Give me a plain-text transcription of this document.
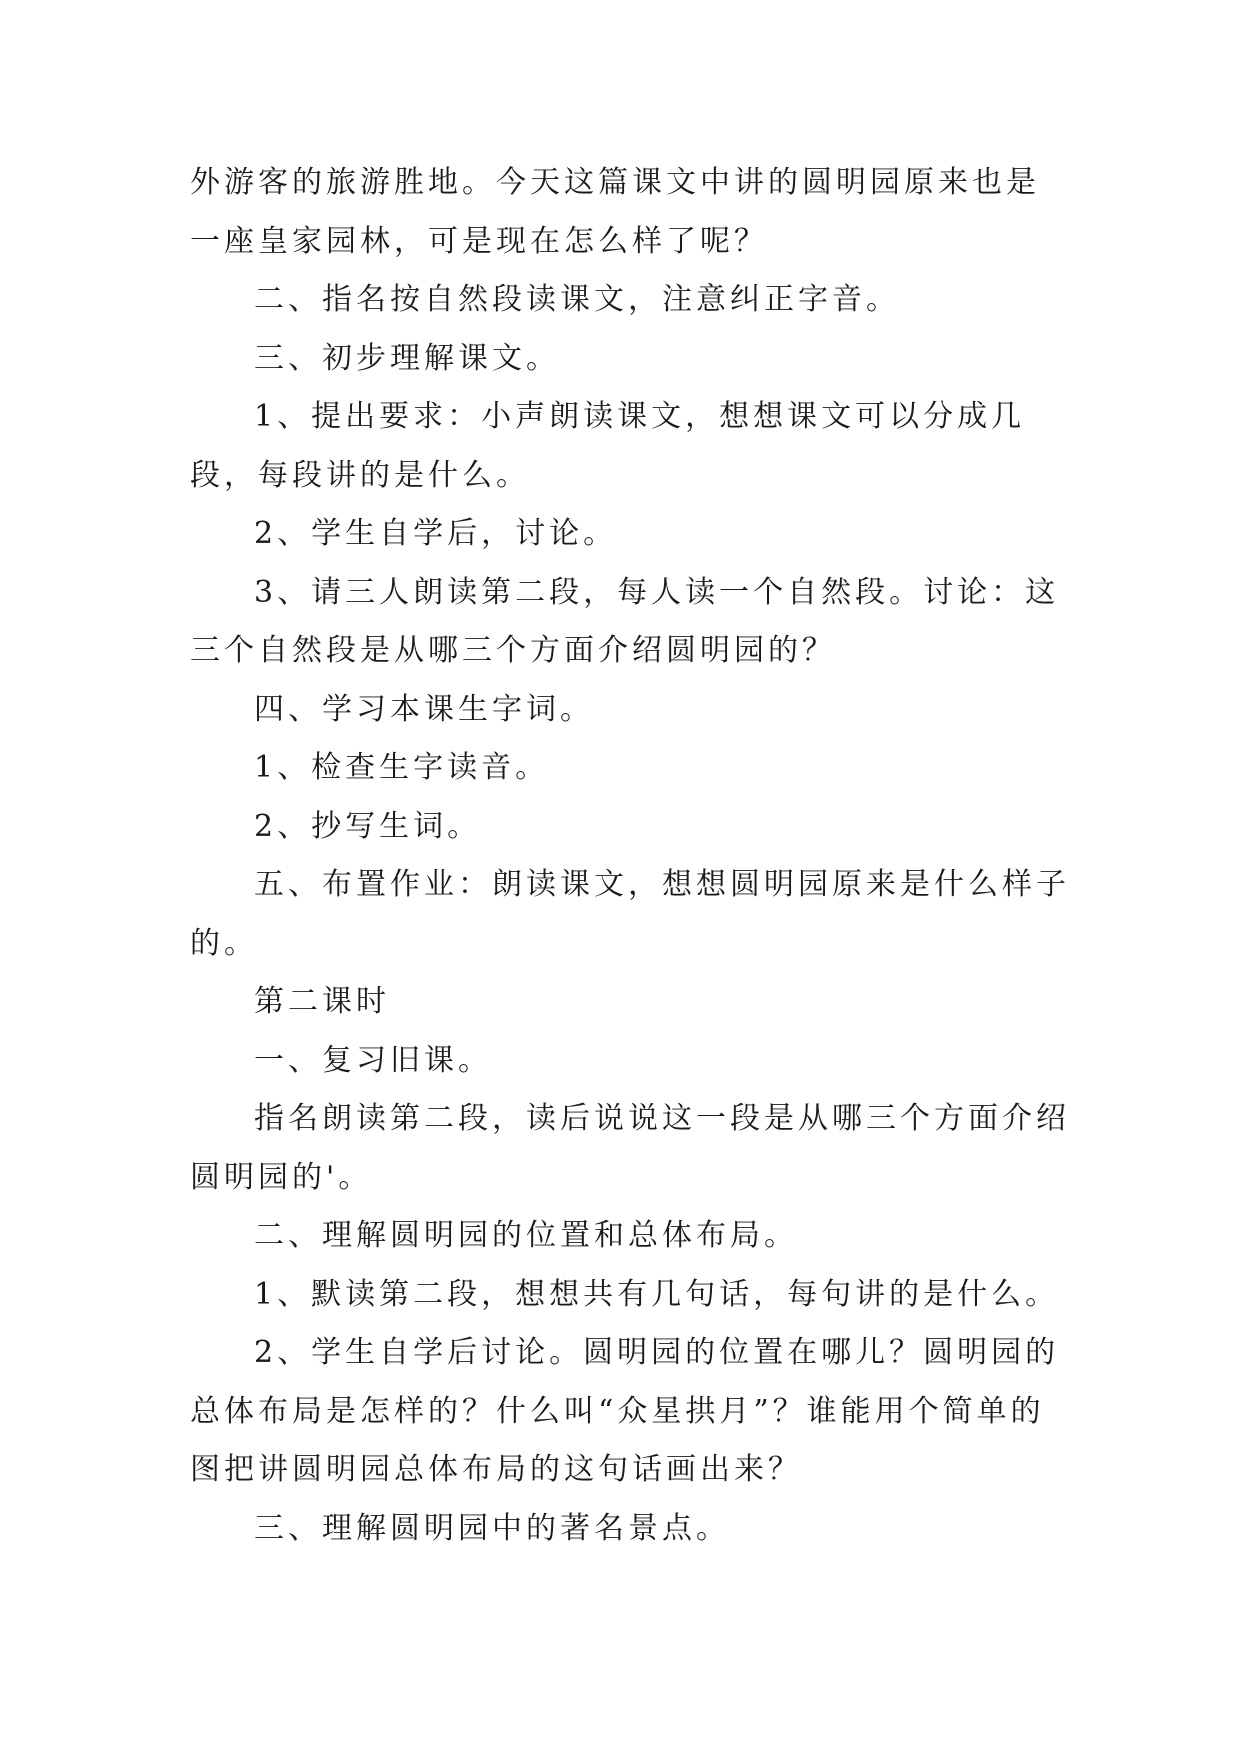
外游客的旅游胜地。今天这篇课文中讲的圆明园原来也是一座皇家园林，可是现在怎么样了呢？

二、指名按自然段读课文，注意纠正字音。

三、初步理解课文。

1、提出要求：小声朗读课文，想想课文可以分成几段，每段讲的是什么。

2、学生自学后，讨论。

3、请三人朗读第二段，每人读一个自然段。讨论：这三个自然段是从哪三个方面介绍圆明园的？

四、学习本课生字词。

1、检查生字读音。

2、抄写生词。

五、布置作业：朗读课文，想想圆明园原来是什么样子的。

第二课时

一、复习旧课。

指名朗读第二段，读后说说这一段是从哪三个方面介绍圆明园的'。

二、理解圆明园的位置和总体布局。

1、默读第二段，想想共有几句话，每句讲的是什么。

2、学生自学后讨论。圆明园的位置在哪儿？圆明园的总体布局是怎样的？什么叫“众星拱月”？谁能用个简单的图把讲圆明园总体布局的这句话画出来？

三、理解圆明园中的著名景点。
